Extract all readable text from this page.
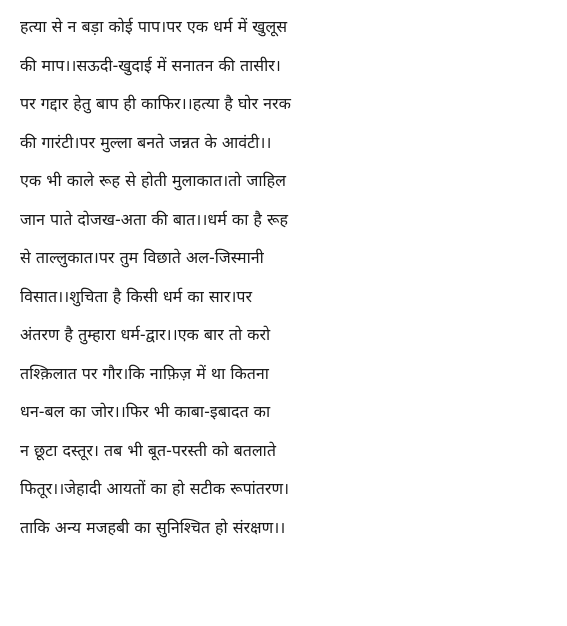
हत्या से न बड़ा कोई पाप।पर एक धर्म में खुलूस
की माप।।सऊदी-खुदाई में सनातन की तासीर।
पर गद्दार हेतु बाप ही काफिर।।हत्या है घोर नरक
की गारंटी।पर मुल्ला बनते जन्नत के आवंटी।।
एक भी काले रूह से होती मुलाकात।तो जाहिल
जान पाते दोजख-अता की बात।।धर्म का है रूह
से ताल्लुकात।पर तुम विछाते अल-जिस्मानी
विसात।।शुचिता है किसी धर्म का सार।पर
अंतरण है तुम्हारा धर्म-द्वार।।एक बार तो करो
तश्क़िलात पर गौर।कि नाफ़िज़ में था कितना
धन-बल का जोर।।फिर भी काबा-इबादत का
न छूटा दस्तूर। तब भी बूत-परस्ती को बतलाते
फितूर।।जेहादी आयतों का हो सटीक रूपांतरण।
ताकि अन्य मजहबी का सुनिश्चित हो संरक्षण।।
